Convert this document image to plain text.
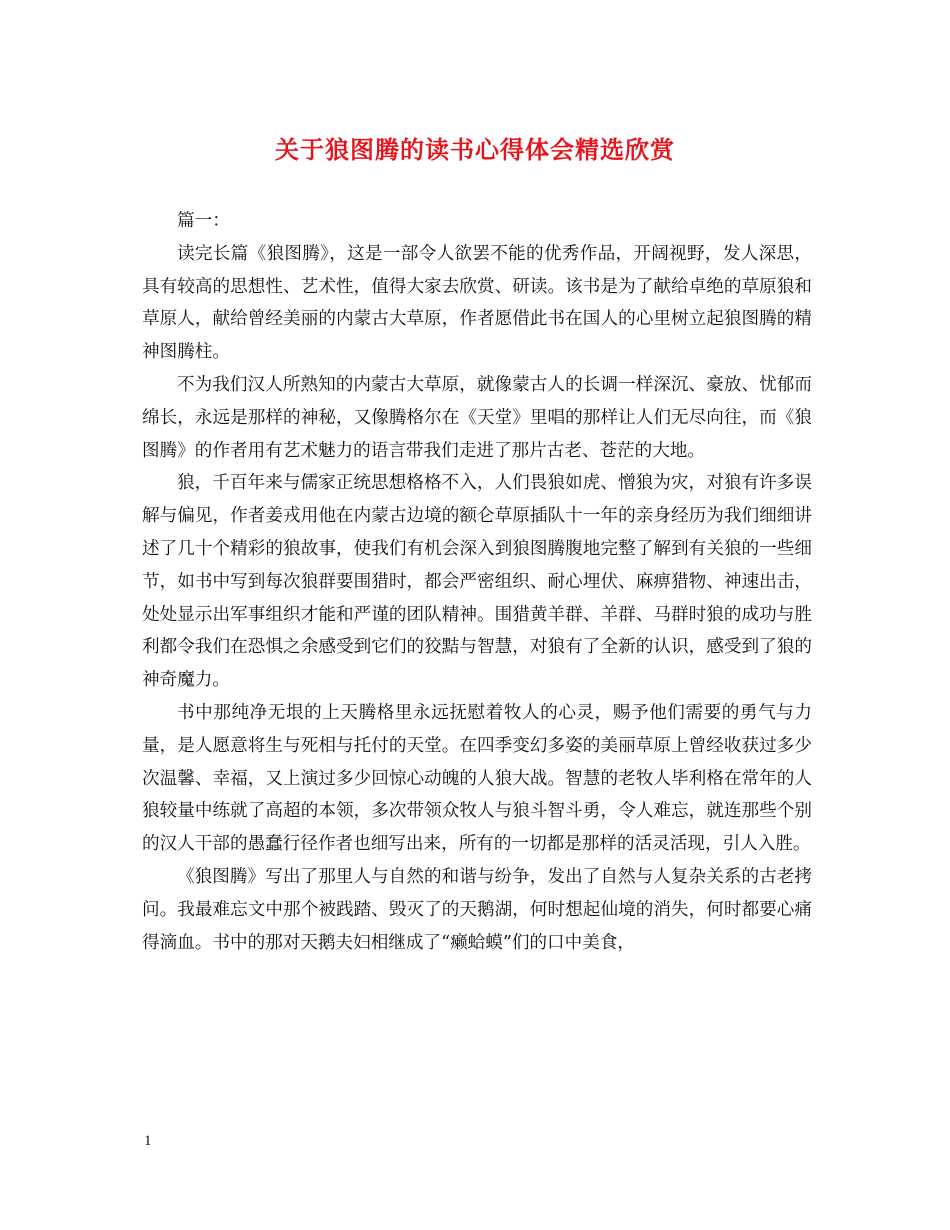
关于狼图腾的读书心得体会精选欣赏

篇一：

读完长篇《狼图腾》，这是一部令人欲罢不能的优秀作品，开阔视野，发人深思，具有较高的思想性、艺术性，值得大家去欣赏、研读。该书是为了献给卓绝的草原狼和草原人，献给曾经美丽的内蒙古大草原，作者愿借此书在国人的心里树立起狼图腾的精神图腾柱。

不为我们汉人所熟知的内蒙古大草原，就像蒙古人的长调一样深沉、豪放、忧郁而绵长，永远是那样的神秘，又像腾格尔在《天堂》里唱的那样让人们无尽向往，而《狼图腾》的作者用有艺术魅力的语言带我们走进了那片古老、苍茫的大地。

狼，千百年来与儒家正统思想格格不入，人们畏狼如虎、憎狼为灾，对狼有许多误解与偏见，作者姜戎用他在内蒙古边境的额仑草原插队十一年的亲身经历为我们细细讲述了几十个精彩的狼故事，使我们有机会深入到狼图腾腹地完整了解到有关狼的一些细节，如书中写到每次狼群要围猎时，都会严密组织、耐心埋伏、麻痹猎物、神速出击，处处显示出军事组织才能和严谨的团队精神。围猎黄羊群、羊群、马群时狼的成功与胜利都令我们在恐惧之余感受到它们的狡黠与智慧，对狼有了全新的认识，感受到了狼的神奇魔力。

书中那纯净无垠的上天腾格里永远抚慰着牧人的心灵，赐予他们需要的勇气与力量，是人愿意将生与死相与托付的天堂。在四季变幻多姿的美丽草原上曾经收获过多少次温馨、幸福，又上演过多少回惊心动魄的人狼大战。智慧的老牧人毕利格在常年的人狼较量中练就了高超的本领，多次带领众牧人与狼斗智斗勇，令人难忘，就连那些个别的汉人干部的愚蠢行径作者也细写出来，所有的一切都是那样的活灵活现，引人入胜。

《狼图腾》写出了那里人与自然的和谐与纷争，发出了自然与人复杂关系的古老拷问。我最难忘文中那个被践踏、毁灭了的天鹅湖，何时想起仙境的消失，何时都要心痛得滴血。书中的那对天鹅夫妇相继成了“癞蛤蟆”们的口中美食，

1
